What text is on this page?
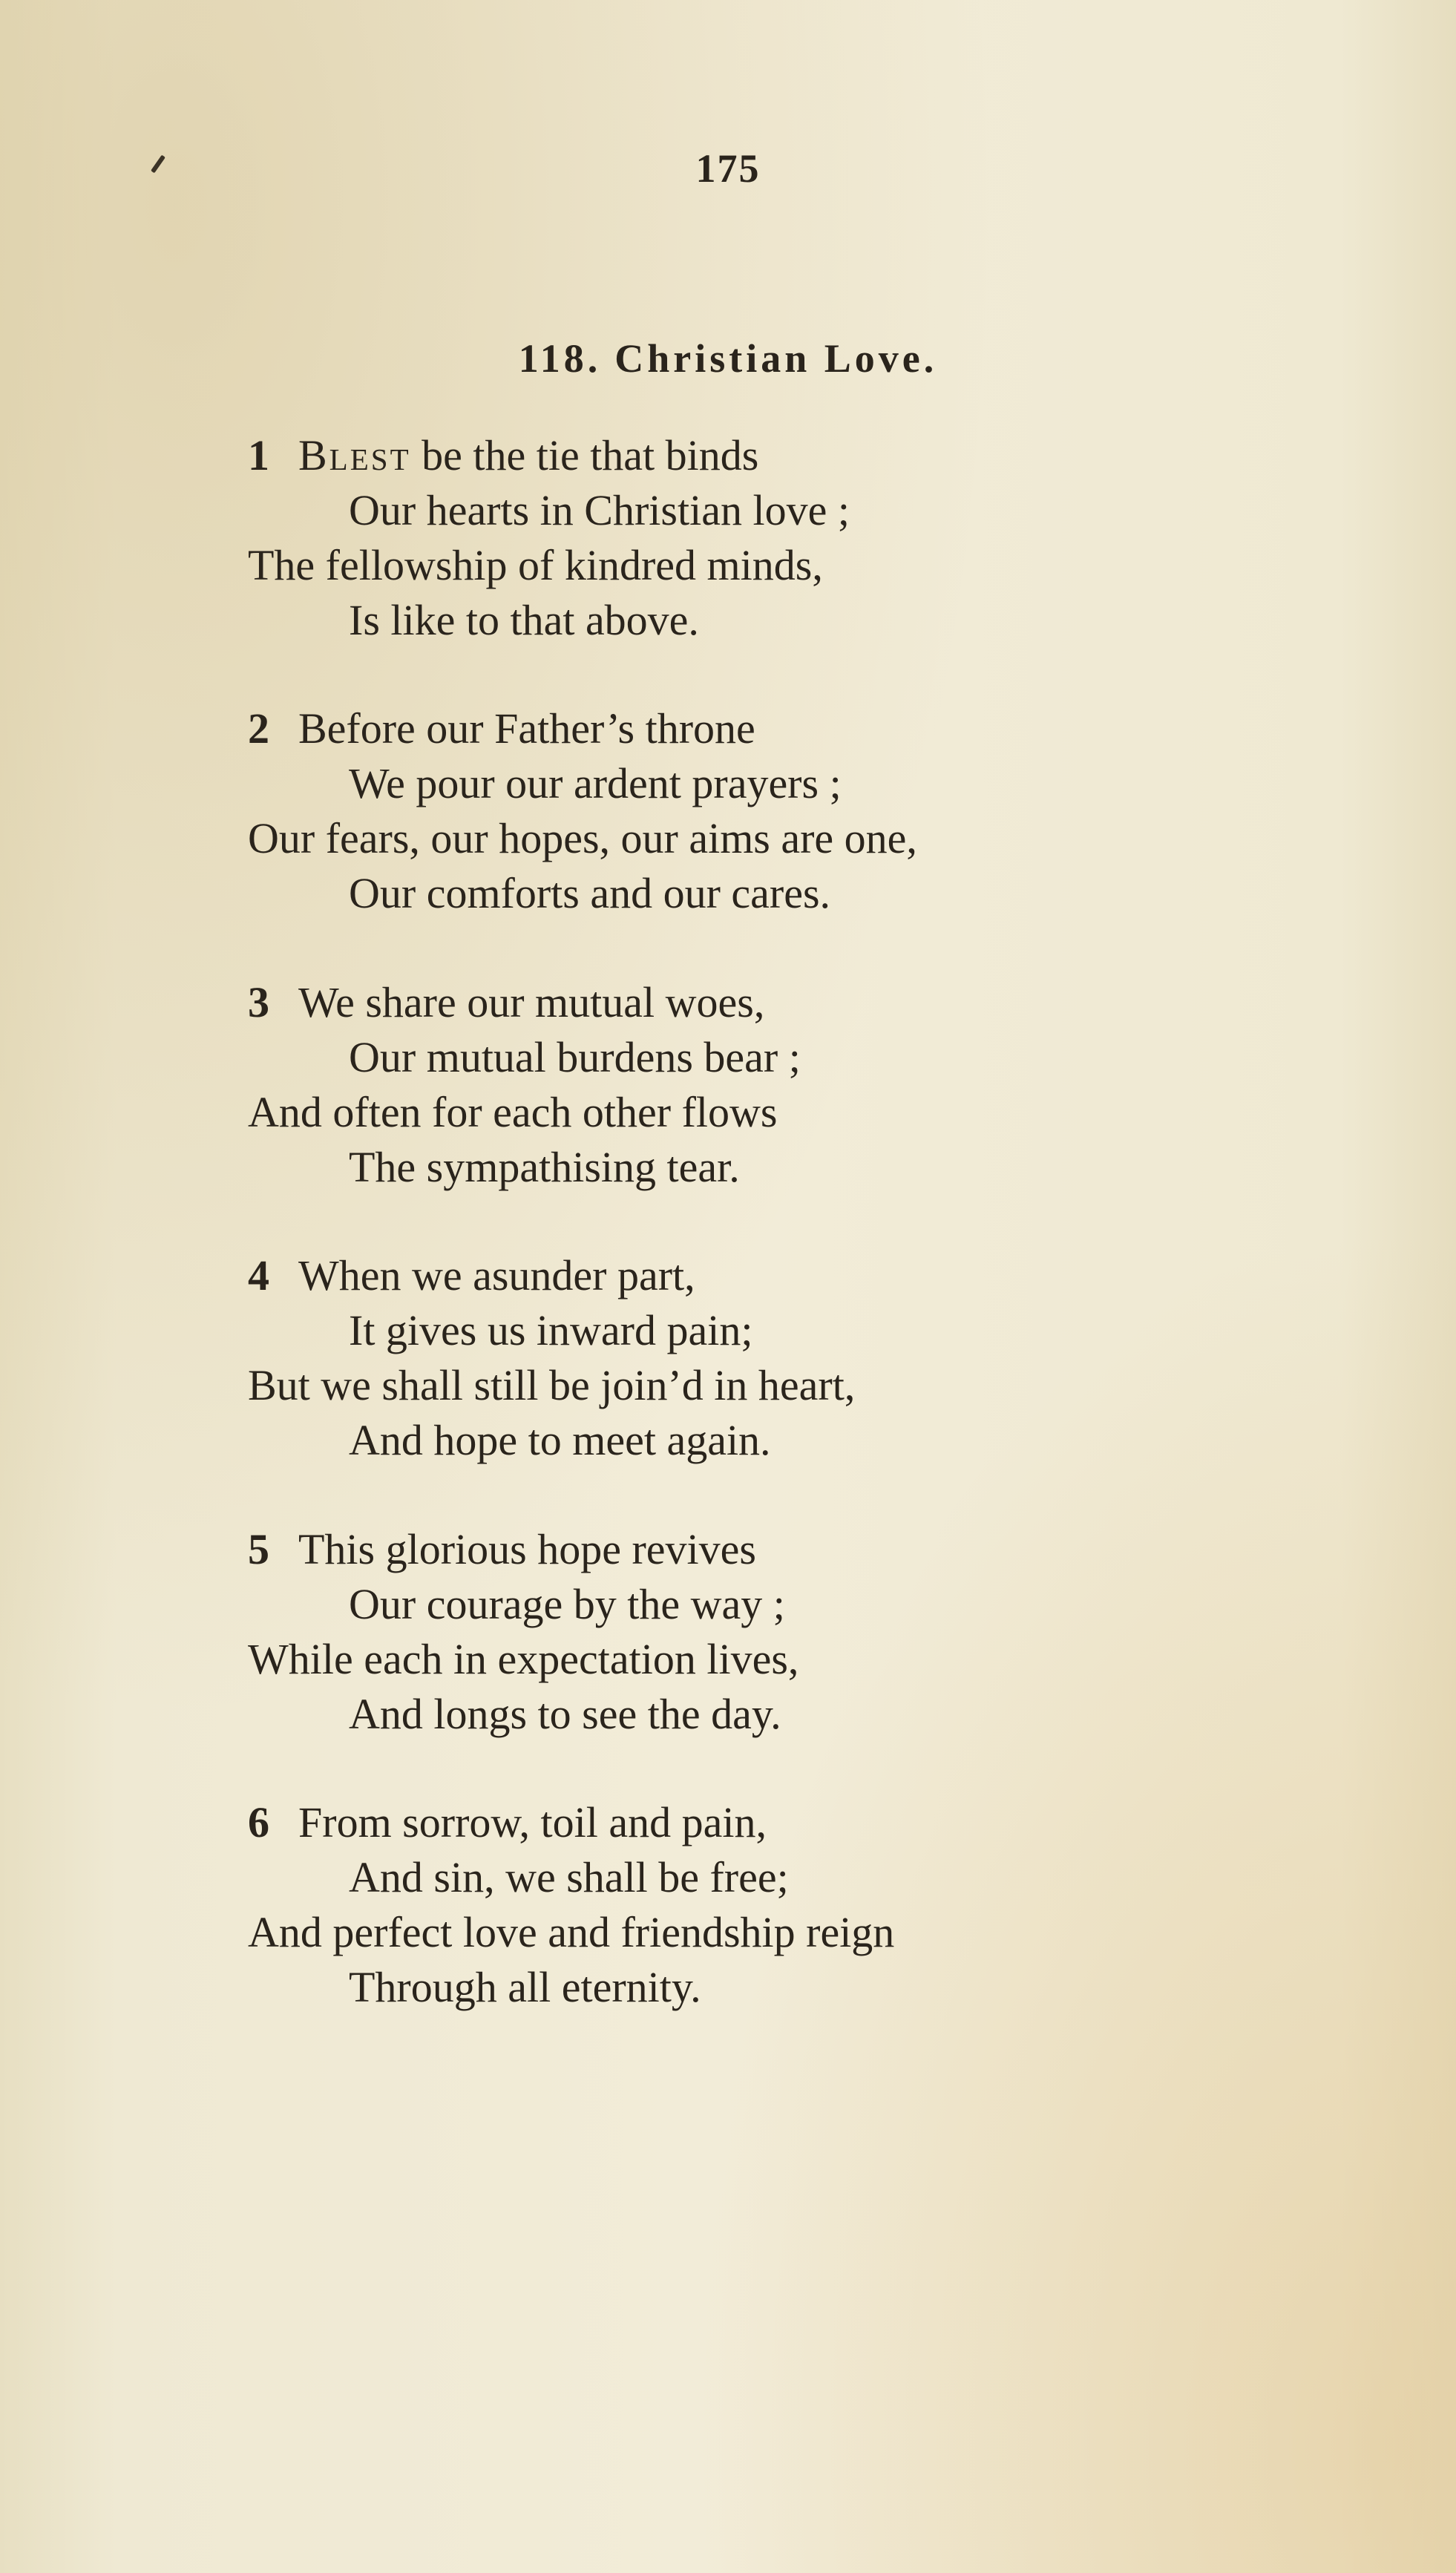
175
118. Christian Love.
1 Blest be the tie that binds
Our hearts in Christian love ;
The fellowship of kindred minds,
Is like to that above.
2 Before our Father’s throne
We pour our ardent prayers ;
Our fears, our hopes, our aims are one,
Our comforts and our cares.
3 We share our mutual woes,
Our mutual burdens bear ;
And often for each other flows
The sympathising tear.
4 When we asunder part,
It gives us inward pain;
But we shall still be join’d in heart,
And hope to meet again.
5 This glorious hope revives
Our courage by the way ;
While each in expectation lives,
And longs to see the day.
6 From sorrow, toil and pain,
And sin, we shall be free;
And perfect love and friendship reign
Through all eternity.
